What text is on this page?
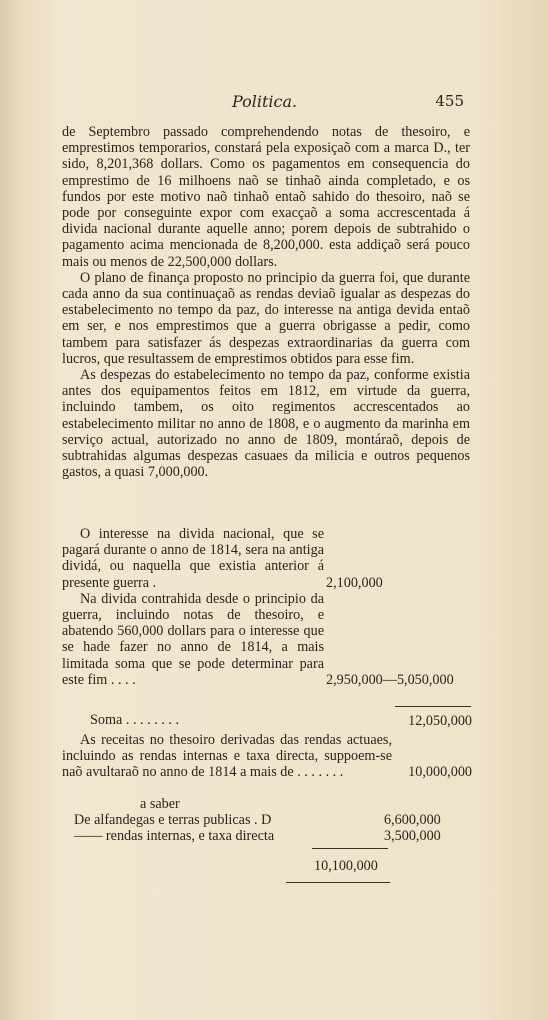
Politica.	455

de Septembro passado comprehendendo notas de thesoiro, e emprestimos temporarios, constará pela exposiçaõ com a marca D., ter sido, 8,201,368 dollars. Como os pagamentos em consequencia do emprestimo de 16 milhoens naõ se tinhaõ ainda completado, e os fundos por este motivo naõ tinhaõ entaõ sahido do thesoiro, naõ se pode por conseguinte expor com exacçaõ a soma accrescentada á divida nacional durante aquelle anno; porem depois de subtrahido o pagamento acima mencionada de 8,200,000. esta addiçaõ será pouco mais ou menos de 22,500,000 dollars.

O plano de finança proposto no principio da guerra foi, que durante cada anno da sua continuaçaõ as rendas deviaõ igualar as despezas do estabelecimento no tempo da paz, do interesse na antiga devida entaõ em ser, e nos emprestimos que a guerra obrigasse a pedir, como tambem para satisfazer ás despezas extraordinarias da guerra com lucros, que resultassem de emprestimos obtidos para esse fim.

As despezas do estabelecimento no tempo da paz, conforme existia antes dos equipamentos feitos em 1812, em virtude da guerra, incluindo tambem, os oito regimentos accrescentados ao estabelecimento militar no anno de 1808, e o augmento da marinha em serviço actual, autorizado no anno de 1809, montáraõ, depois de subtrahidas algumas despezas casuaes da milicia e outros pequenos gastos, a quasi 7,000,000.

O interesse na divida nacional, que se pagará durante o anno de 1814, sera na antiga dividá, ou naquella que existia anterior á presente guerra .	2,100,000
Na divida contrahida desde o principio da guerra, incluindo notas de thesoiro, e abatendo 560,000 dollars para o interesse que se hade fazer no anno de 1814, a mais limitada soma que se pode determinar para este fim . . . .	2,950,000—5,050,000
Soma . . . . . . . .	12,050,000
As receitas no thesoiro derivadas das rendas actuaes, incluindo as rendas internas e taxa directa, suppoem-se naõ avultaraõ no anno de 1814 a mais de . . . . . . .	10,000,000
a saber
De alfandegas e terras publicas . D	6,600,000
—— rendas internas, e taxa directa	3,500,000
10,100,000
